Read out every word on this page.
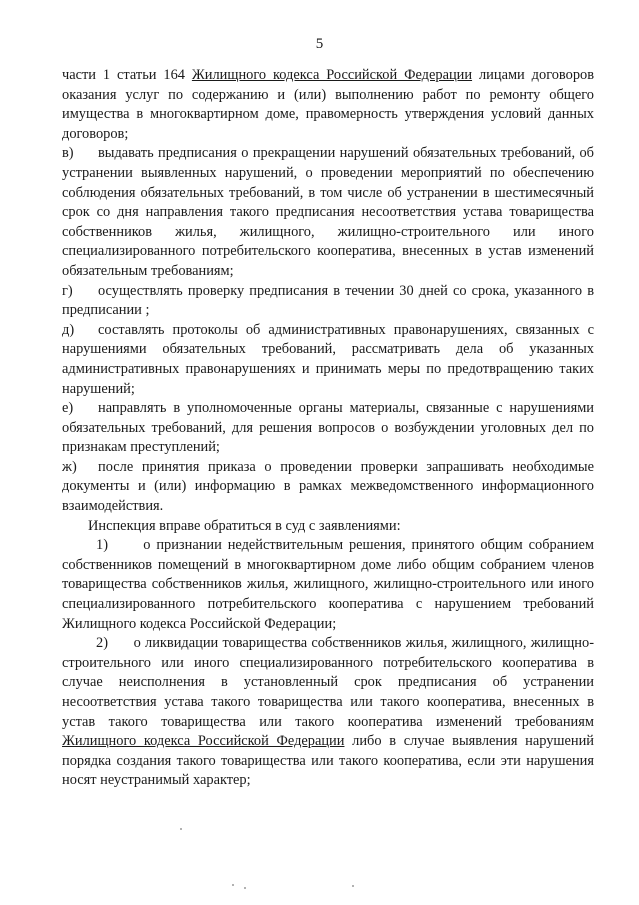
5

части 1 статьи 164 Жилищного кодекса Российской Федерации лицами договоров оказания услуг по содержанию и (или) выполнению работ по ремонту общего имущества в многоквартирном доме, правомерность утверждения условий данных договоров;

в) выдавать предписания о прекращении нарушений обязательных требований, об устранении выявленных нарушений, о проведении мероприятий по обеспечению соблюдения обязательных требований, в том числе об устранении в шестимесячный срок со дня направления такого предписания несоответствия устава товарищества собственников жилья, жилищного, жилищно-строительного или иного специализированного потребительского кооператива, внесенных в устав изменений обязательным требованиям;

г) осуществлять проверку предписания в течении 30 дней со срока, указанного в предписании ;

д) составлять протоколы об административных правонарушениях, связанных с нарушениями обязательных требований, рассматривать дела об указанных административных правонарушениях и принимать меры по предотвращению таких нарушений;

е) направлять в уполномоченные органы материалы, связанные с нарушениями обязательных требований, для решения вопросов о возбуждении уголовных дел по признакам преступлений;

ж) после принятия приказа о проведении проверки запрашивать необходимые документы и (или) информацию в рамках межведомственного информационного взаимодействия.

Инспекция вправе обратиться в суд с заявлениями:

1) о признании недействительным решения, принятого общим собранием собственников помещений в многоквартирном доме либо общим собранием членов товарищества собственников жилья, жилищного, жилищно-строительного или иного специализированного потребительского кооператива с нарушением требований Жилищного кодекса Российской Федерации;

2) о ликвидации товарищества собственников жилья, жилищного, жилищно-строительного или иного специализированного потребительского кооператива в случае неисполнения в установленный срок предписания об устранении несоответствия устава такого товарищества или такого кооператива, внесенных в устав такого товарищества или такого кооператива изменений требованиям Жилищного кодекса Российской Федерации либо в случае выявления нарушений порядка создания такого товарищества или такого кооператива, если эти нарушения носят неустранимый характер;
